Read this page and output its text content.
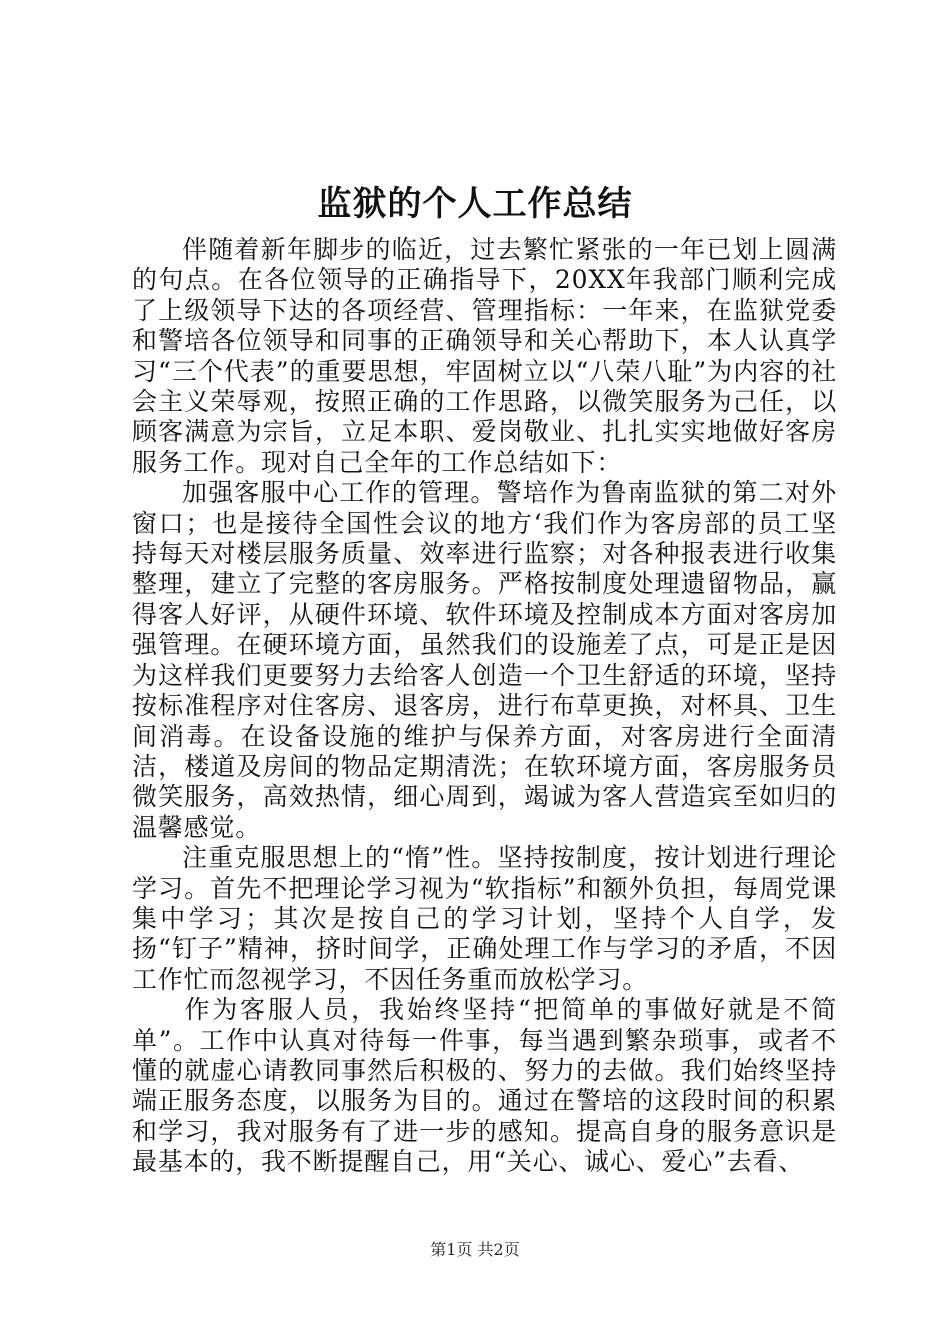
监狱的个人工作总结

伴随着新年脚步的临近，过去繁忙紧张的一年已划上圆满的句点。在各位领导的正确指导下，20XX年我部门顺利完成了上级领导下达的各项经营、管理指标：一年来，在监狱党委和警培各位领导和同事的正确领导和关心帮助下，本人认真学习“三个代表”的重要思想，牢固树立以“八荣八耻”为内容的社会主义荣辱观，按照正确的工作思路，以微笑服务为己任，以顾客满意为宗旨，立足本职、爱岗敬业、扎扎实实地做好客房服务工作。现对自己全年的工作总结如下：

加强客服中心工作的管理。警培作为鲁南监狱的第二对外窗口；也是接待全国性会议的地方‘我们作为客房部的员工坚持每天对楼层服务质量、效率进行监察；对各种报表进行收集整理，建立了完整的客房服务。严格按制度处理遗留物品，赢得客人好评，从硬件环境、软件环境及控制成本方面对客房加强管理。在硬环境方面，虽然我们的设施差了点，可是正是因为这样我们更要努力去给客人创造一个卫生舒适的环境，坚持按标准程序对住客房、退客房，进行布草更换，对杯具、卫生间消毒。在设备设施的维护与保养方面，对客房进行全面清洁，楼道及房间的物品定期清洗；在软环境方面，客房服务员微笑服务，高效热情，细心周到，竭诚为客人营造宾至如归的温馨感觉。

注重克服思想上的“惰”性。坚持按制度，按计划进行理论学习。首先不把理论学习视为“软指标”和额外负担，每周党课集中学习；其次是按自己的学习计划，坚持个人自学，发扬“钉子”精神，挤时间学，正确处理工作与学习的矛盾，不因工作忙而忽视学习，不因任务重而放松学习。

作为客服人员，我始终坚持“把简单的事做好就是不简单”。工作中认真对待每一件事，每当遇到繁杂琐事，或者不懂的就虚心请教同事然后积极的、努力的去做。我们始终坚持端正服务态度，以服务为目的。通过在警培的这段时间的积累和学习，我对服务有了进一步的感知。提高自身的服务意识是最基本的，我不断提醒自己，用“关心、诚心、爱心”去看、

第1页 共2页
